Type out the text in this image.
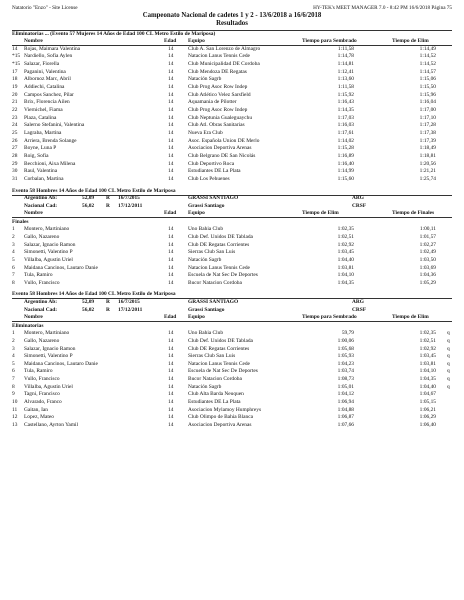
Natatorio "Enzo" - Site License	HY-TEK's MEET MANAGER 7.0 - 8:42 PM 16/6/2018 Página 75
Campeonato Nacional de cadetes 1 y 2 - 13/6/2018 a 16/6/2018
Resultados
Eliminatorias ... (Evento 57 Mujeres 14 Años de Edad 100 CL Metro Estilo de Mariposa)
Nombre	Edad Equipo	Tiempo para Sembrado	Tiempo de Elim
14 Rojas, Maimara Valentina	14	Club A. San Lorenzo de Almagro	1:11,58	1:14,49
*15 Nardiello, Sofia Aylen	14	Natacion Lanus Tennis Cede	1:14,78	1:14,52
*15 Salazar, Fiorella	14	Club Municipalidad DE Cordoba	1:14,81	1:14,52
17 Paganini, Valentina	14	Club Mendoza DE Regatas	1:12,41	1:14,57
18 Albornoz Marc, Abril	14	Natación Sagrb	1:13,60	1:15,06
19 Addiechi, Catalina	14	Club Prog Asoc Row Indep	1:11,58	1:15,50
20 Campos Sanchez, Pilar	14	Club Atlético Velez Sarsfield	1:15,92	1:15,96
21 Brix, Florencia Ailen	14	Aquamania de Pilotter	1:16,43	1:16,04
22 Viernichel, Fiama	14	Club Prog Asoc Row Indep	1:14,35	1:17,00
23 Plaza, Catalina	14	Club Neptunia Gualeguaychu	1:17,03	1:17,10
24 Salerno Stefanini, Valentina	14	Club Atl. Obras Sanitarias	1:16,03	1:17,28
25 Lagraba, Martina	14	Nueva Era Club	1:17,61	1:17,38
26 Arriera, Brenda Solange	14	Asoc. Española Union DE Merlo	1:14,02	1:17,39
27 Boyne, Luna P	14	Asociacion Deportiva Arenas	1:15,28	1:18,49
28 Roig, Sofia	14	Club Belgrano DE San Nicolás	1:16,89	1:18,81
29 Becchioni, Aixa Milena	14	Club Deportivo Roca	1:16,40	1:20,56
30 Raul, Valentina	14	Estudiantes DE La Plata	1:14,99	1:21,21
31 Corbalan, Martina	14	Club Los Pehuenes	1:15,60	1:25,74
Evento 58 Hombres 14 Años de Edad 100 CL Metro Estilo de Mariposa
Argentino Ab:	52,09 R 16/7/2015	GRASSI SANTIAGO	ARG
Nacional Cad:	56,02 R 17/12/2011	Grassi Santiago	CRSF
Nombre	Edad Equipo	Tiempo de Elim	Tiempo de Finales
Finales
1 Montero, Martiniano	14	Uno Bahia Club	1:02,35	1:00,11
2 Gallo, Nazareno	14	Club Def. Unidos DE Tablada	1:02,51	1:01,57
3 Salazar, Ignacio Ramon	14	Club DE Regatas Corrientes	1:02,92	1:02,27
4 Simonetti, Valentino P	14	Sierras Club San Luis	1:03,45	1:02,49
5 Villalba, Agustin Uriel	14	Natación Sagrb	1:04,40	1:03,50
6 Maidana Cancinos, Lautaro Danie	14	Natacion Lanus Tennis Cede	1:03,81	1:03,69
7 Tula, Ramiro	14	Escuela de Nat Sec De Deportes	1:04,10	1:04,36
8 Vullo, Francisco	14	Bucor Natacion Cordoba	1:04,35	1:05,29
Evento 58 Hombres 14 Años de Edad 100 CL Metro Estilo de Mariposa
Argentino Ab:	52,09 R 16/7/2015	GRASSI SANTIAGO	ARG
Nacional Cad:	56,02 R 17/12/2011	Grassi Santiago	CRSF
Nombre	Edad Equipo	Tiempo para Sembrado	Tiempo de Elim
Eliminatorias
1 Montero, Martiniano	14	Uno Bahia Club	59,79	1:02,35 q
2 Gallo, Nazareno	14	Club Def. Unidos DE Tablada	1:00,06	1:02,51 q
3 Salazar, Ignacio Ramon	14	Club DE Regatas Corrientes	1:05,68	1:02,92 q
4 Simonetti, Valentino P	14	Sierras Club San Luis	1:05,93	1:03,45 q
5 Maidana Cancinos, Lautaro Danie	14	Natacion Lanus Tennis Cede	1:04,23	1:03,81 q
6 Tula, Ramiro	14	Escuela de Nat Sec De Deportes	1:03,74	1:04,10 q
7 Vullo, Francisco	14	Bucor Natacion Cordoba	1:08,73	1:04,35 q
8 Villalba, Agustin Uriel	14	Natación Sagrb	1:05,01	1:04,40 q
9 Tagni, Francisco	14	Club Alta Barda Neuquen	1:04,12	1:04,67
10 Alvarado, Franco	14	Estudiantes DE La Plata	1:06,94	1:05,15
11 Gaitan, Ian	14	Asociacion Mylamoy Humphreys	1:04,88	1:06,21
12 Lopez, Mateo	14	Club Olimpo de Bahia Blanca	1:06,87	1:06,29
13 Castellano, Ayrton Yamil	14	Asociacion Deportiva Arenas	1:07,66	1:06,40
